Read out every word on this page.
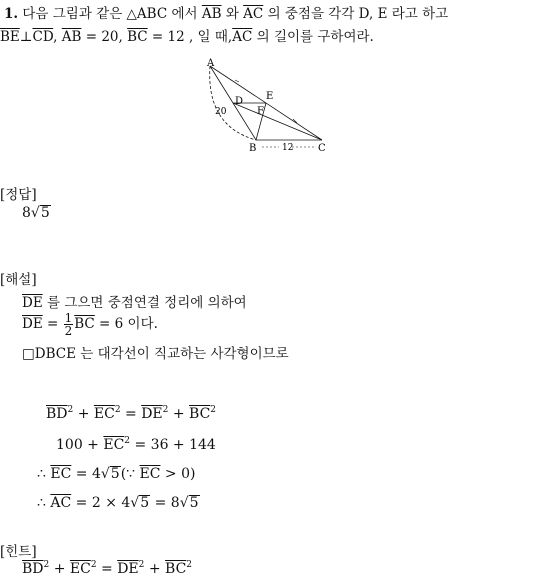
1. 다음 그림과 같은 △ABC 에서 $\overline{AB}$ 와 $\overline{AC}$ 의 중점을 각각 D, E 라고 하고
$\overline{BE}\perp\overline{CD}$, $\overline{AB} = 20$, $\overline{BC} = 12$ , 일 때$,\overline{AC}$ 의 길이를 구하여라.
A
D E
F
B	C
20
12
[정답]
8√5
[해설]
$\overline{DE}$ 를 그으면 중점연결 정리에 의하여
$\overline{DE} = \frac{1}{2} \overline{BC} = 6$ 이다.
□DBCE 는 대각선이 직교하는 사각형이므로
$\overline{BD}^2 + \overline{EC}^2 = \overline{DE}^2 + \overline{BC}^2$
$100 + \overline{EC}^2 = 36 + 144$
∴ $\overline{EC}$ = 4√5(∵ $\overline{EC} > 0$)
∴ $\overline{AC} = 2 \times 4√5 = 8√5$
[힌트]
$\overline{BD}^2 + \overline{EC}^2 = \overline{DE}^2 + \overline{BC}^2$
